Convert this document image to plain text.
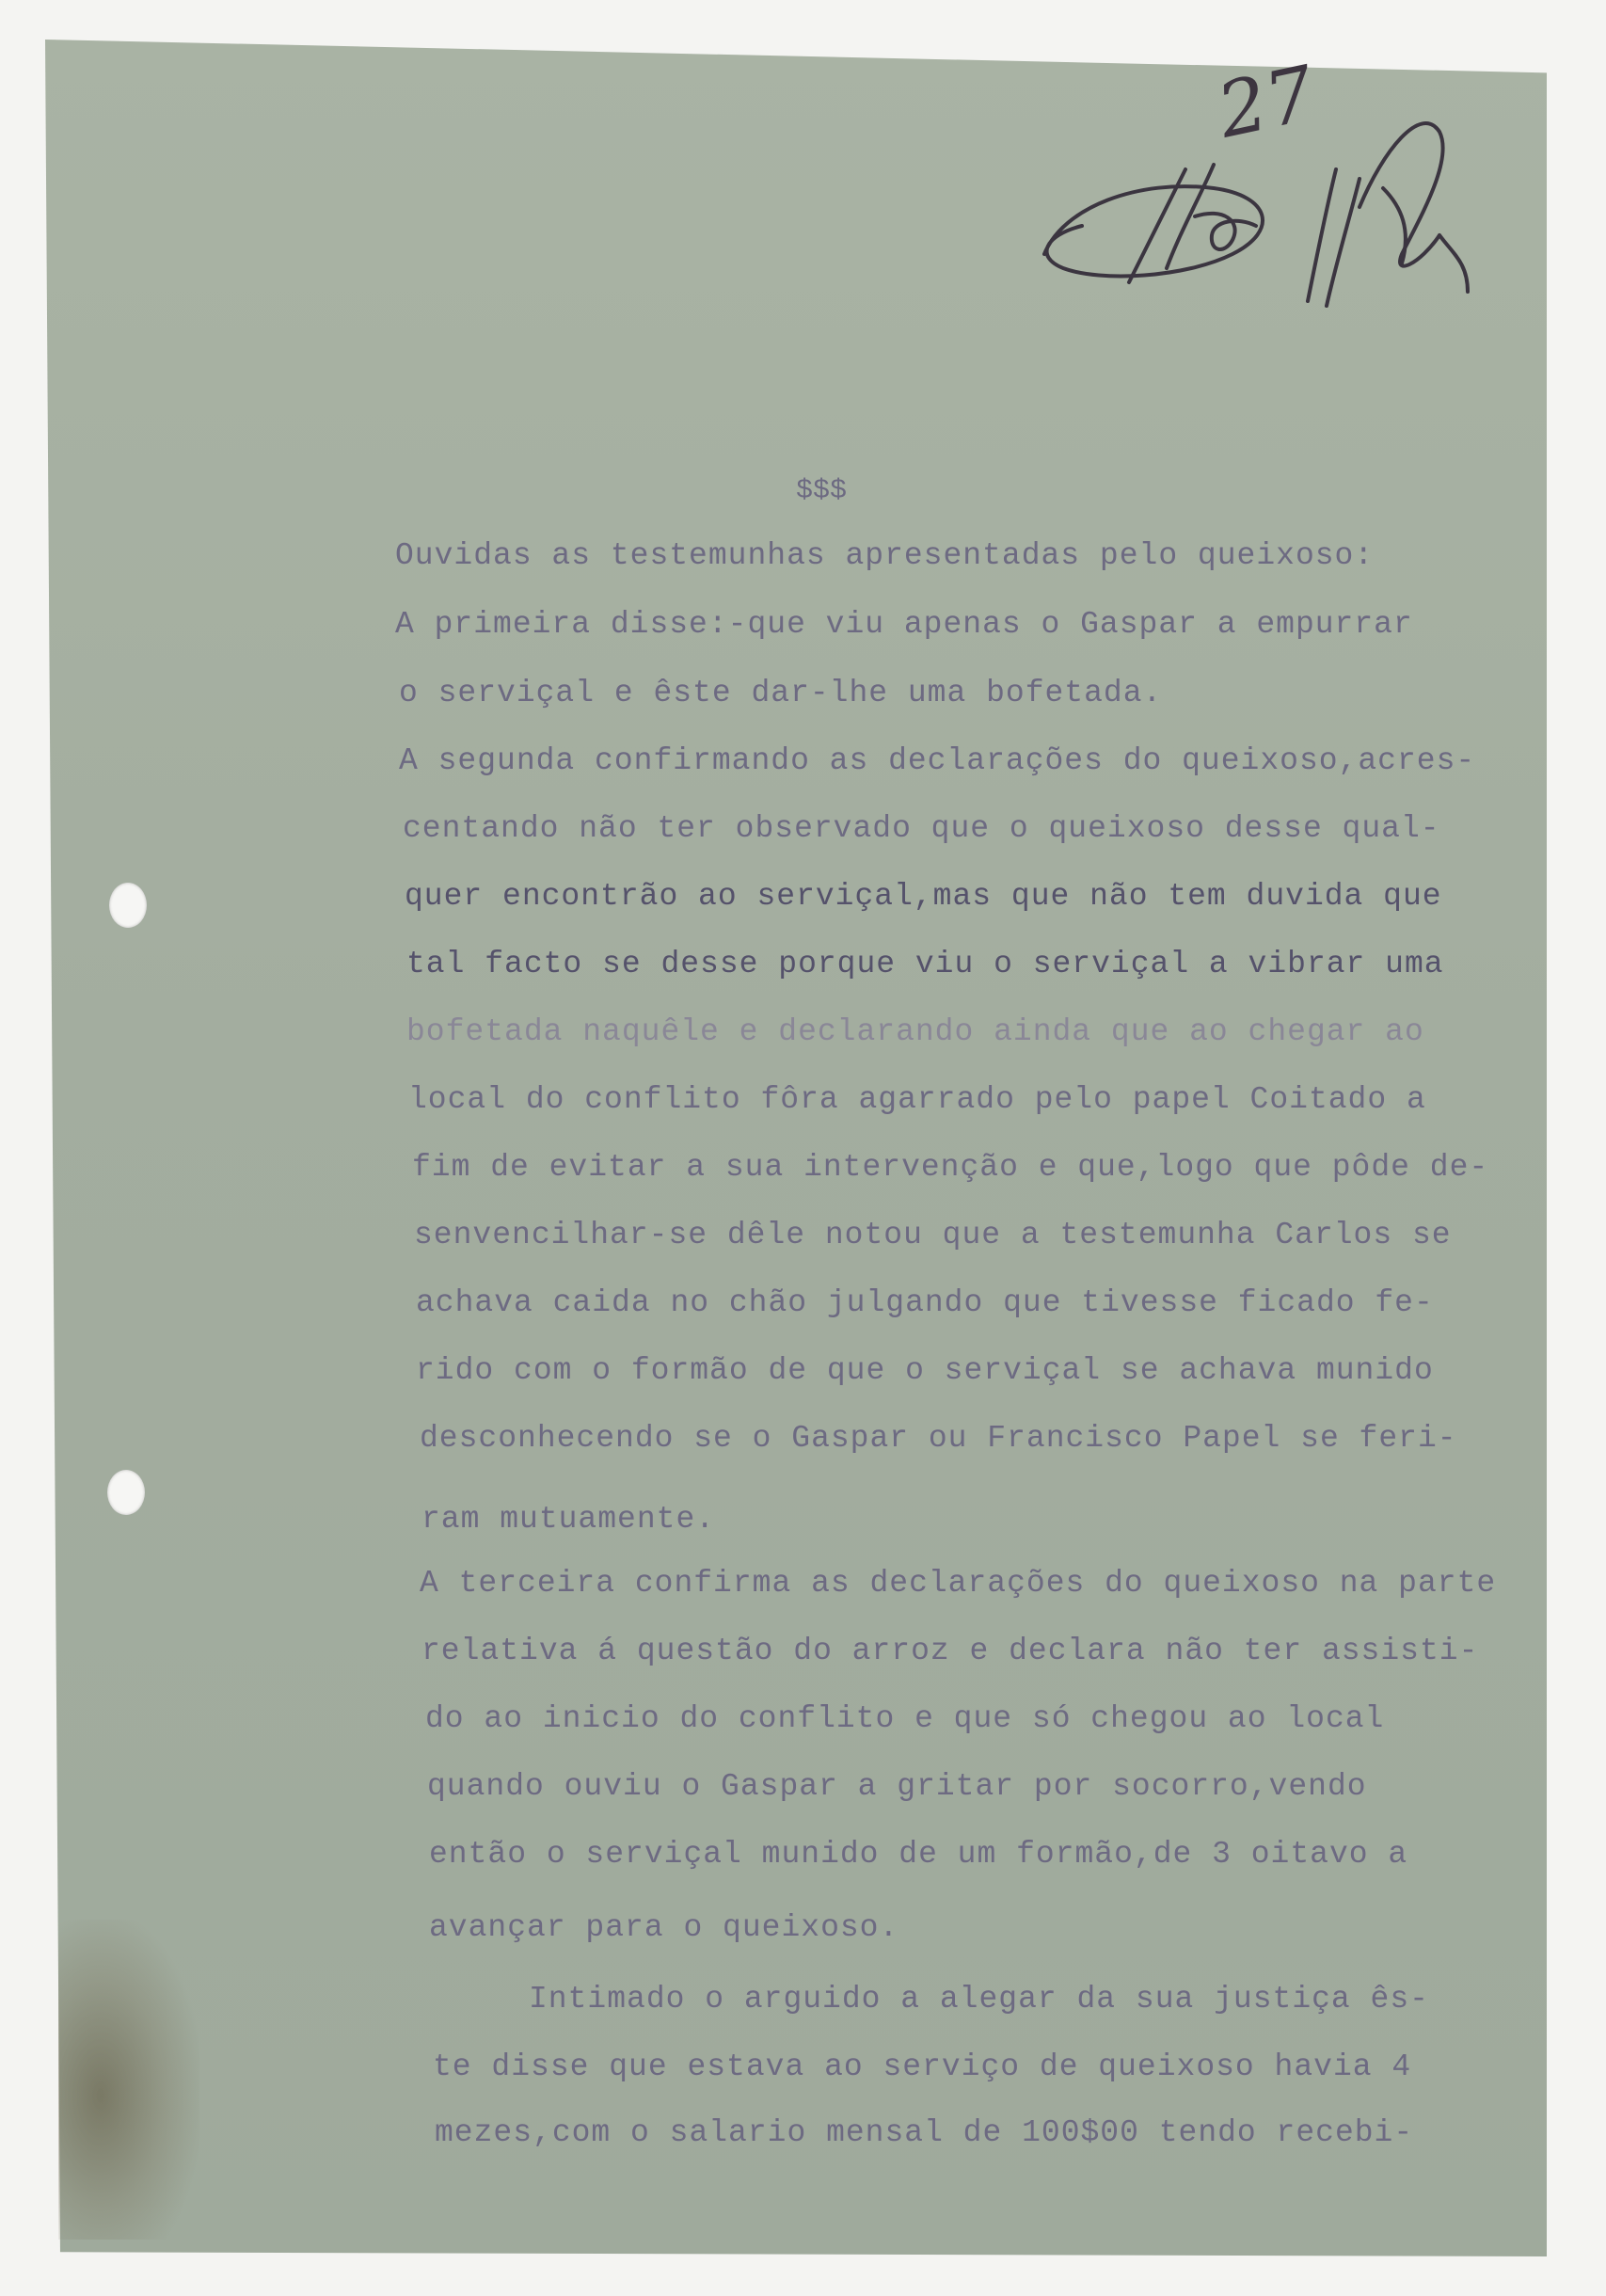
27
$$$
Ouvidas as testemunhas apresentadas pelo queixoso:
A primeira disse:-que viu apenas o Gaspar a empurrar
o serviçal e êste dar-lhe uma bofetada.
A segunda confirmando as declarações do queixoso,acres-
centando não ter observado que o queixoso desse qual-
quer encontrão ao serviçal,mas que não tem duvida que
tal facto se desse porque viu o serviçal a vibrar uma
bofetada naquêle e declarando ainda que ao chegar ao
local do conflito fôra agarrado pelo papel Coitado a
fim de evitar a sua intervenção e que,logo que pôde de-
senvencilhar-se dêle notou que a testemunha Carlos se
achava caida no chão julgando que tivesse ficado fe-
rido com o formão de que o serviçal se achava munido
desconhecendo se o Gaspar ou Francisco Papel se feri-
ram mutuamente.
A terceira confirma as declarações do queixoso na parte
relativa á questão do arroz e declara não ter assisti-
do ao inicio do conflito e que só chegou ao local
quando ouviu o Gaspar a gritar por socorro,vendo
então o serviçal munido de um formão,de 3 oitavo a
avançar para o queixoso.
Intimado o arguido a alegar da sua justiça ês-
te disse que estava ao serviço de queixoso havia 4
mezes,com o salario mensal de 100$00 tendo recebi-
